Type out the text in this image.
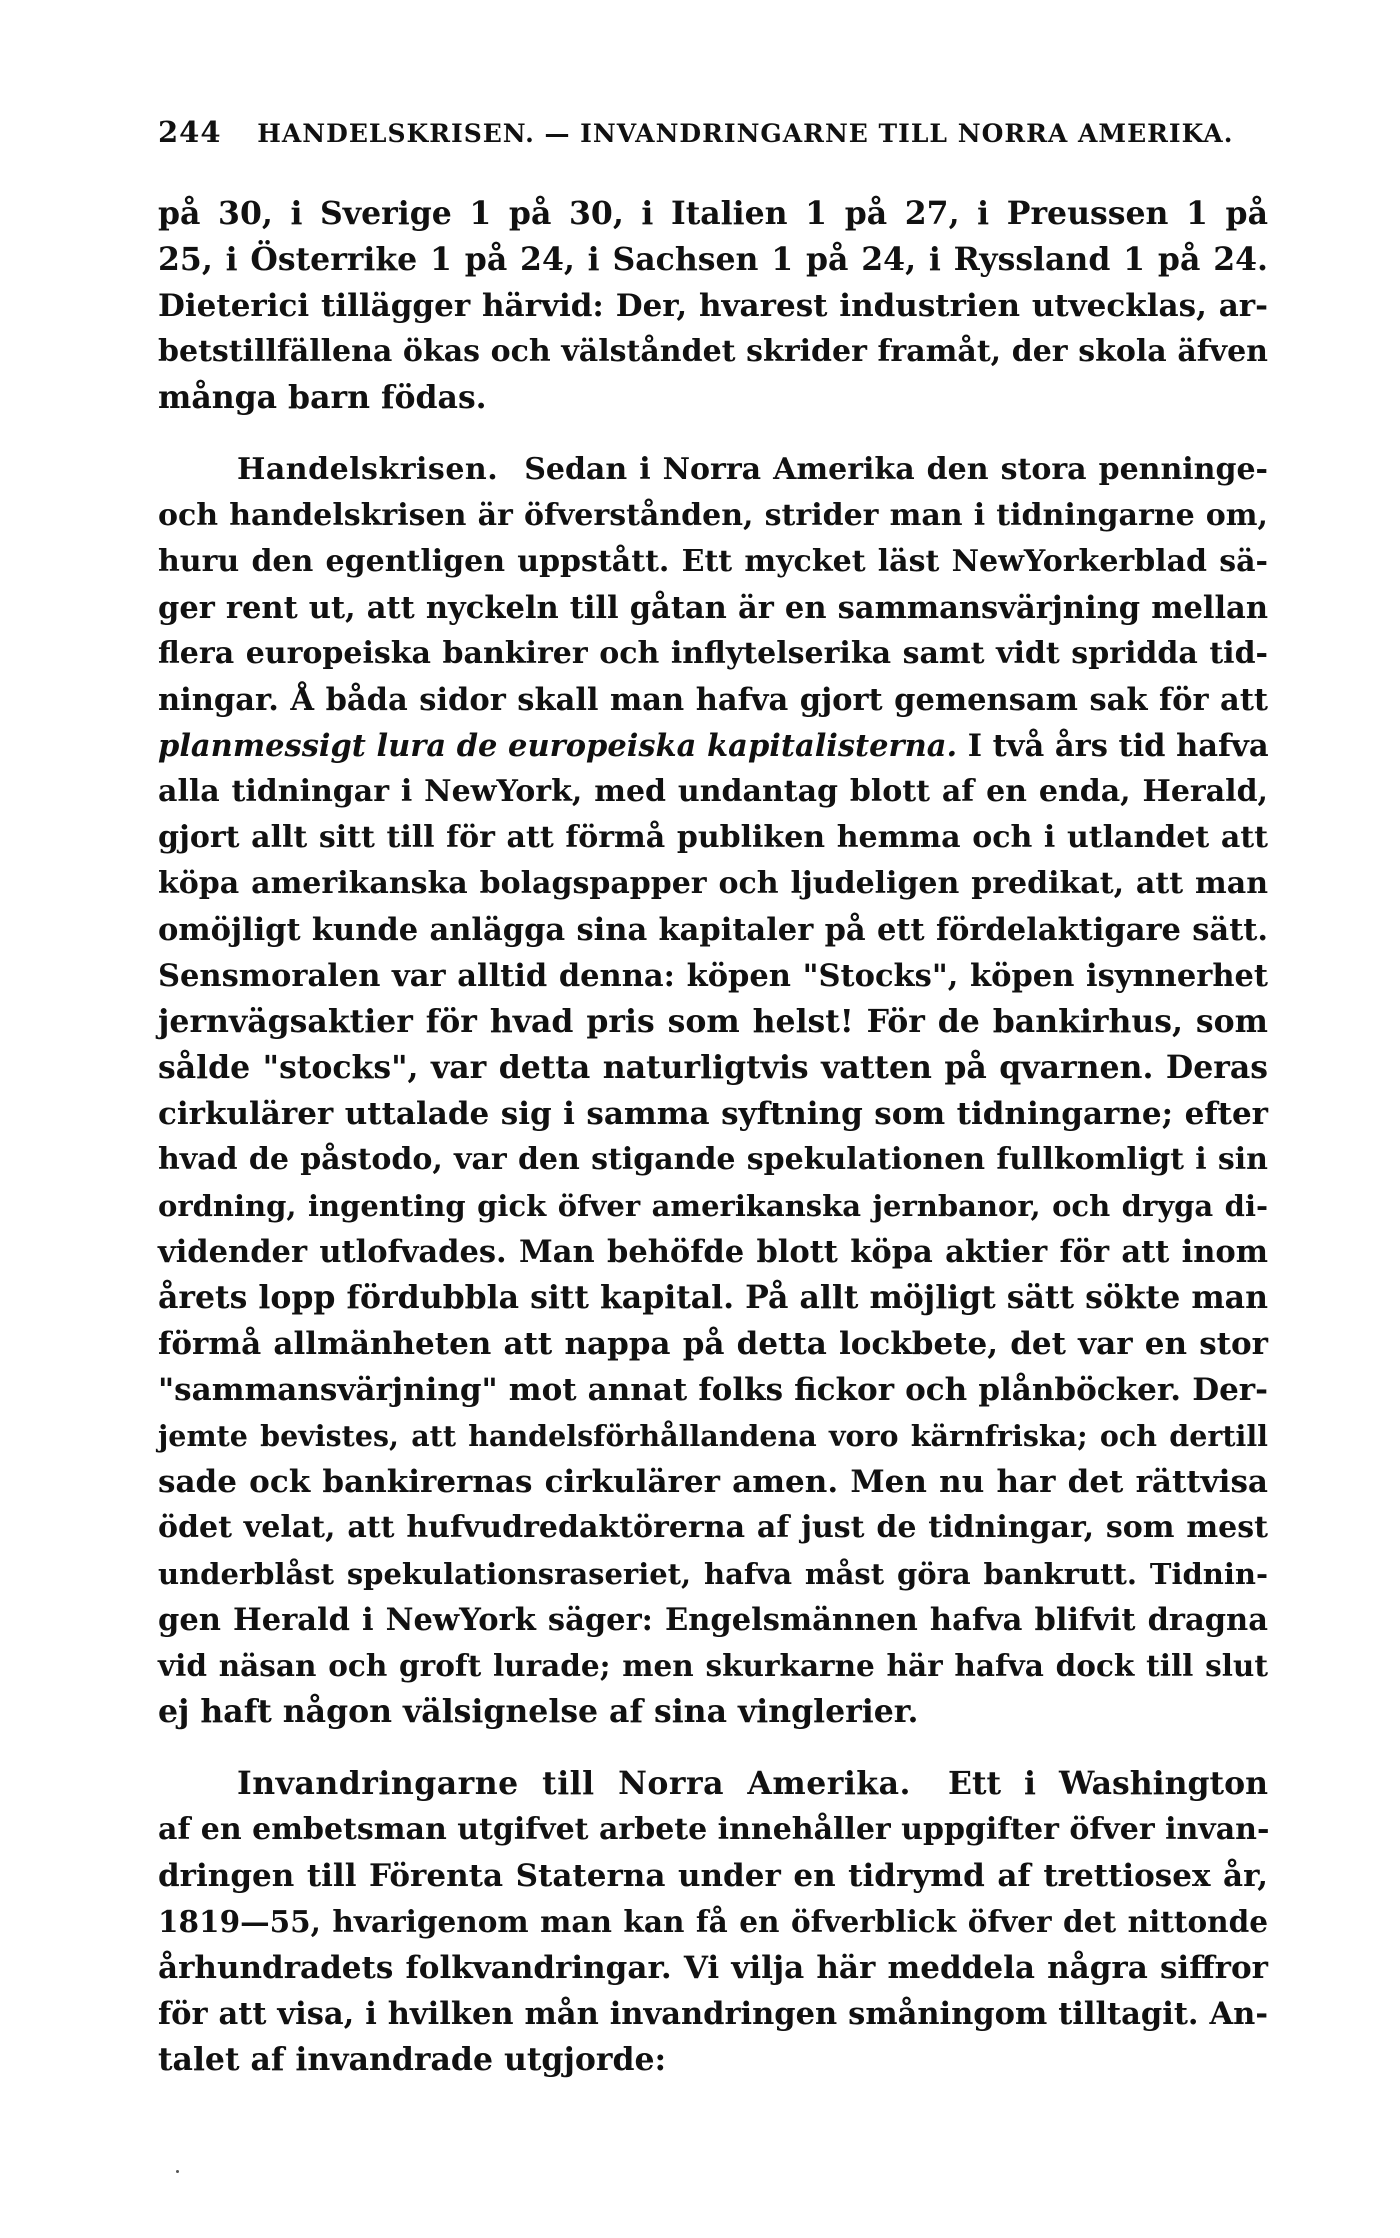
244 HANDELSKRISEN. — INVANDRINGARNE TILL NORRA AMERIKA.
på 30, i Sverige 1 på 30, i Italien 1 på 27, i Preussen 1 på
25, i Österrike 1 på 24, i Sachsen 1 på 24, i Ryssland 1 på 24.
Dieterici tillägger härvid: Der, hvarest industrien utvecklas, ar-
betstillfällena ökas och välståndet skrider framåt, der skola äfven
många barn födas.
Handelskrisen. Sedan i Norra Amerika den stora penninge-
och handelskrisen är öfverstånden, strider man i tidningarne om,
huru den egentligen uppstått. Ett mycket läst NewYorkerblad sä-
ger rent ut, att nyckeln till gåtan är en sammansvärjning mellan
flera europeiska bankirer och inflytelserika samt vidt spridda tid-
ningar. Å båda sidor skall man hafva gjort gemensam sak för att
planmessigt lura de europeiska kapitalisterna. I två års tid hafva
alla tidningar i NewYork, med undantag blott af en enda, Herald,
gjort allt sitt till för att förmå publiken hemma och i utlandet att
köpa amerikanska bolagspapper och ljudeligen predikat, att man
omöjligt kunde anlägga sina kapitaler på ett fördelaktigare sätt.
Sensmoralen var alltid denna: köpen "Stocks", köpen isynnerhet
jernvägsaktier för hvad pris som helst! För de bankirhus, som
sålde "stocks", var detta naturligtvis vatten på qvarnen. Deras
cirkulärer uttalade sig i samma syftning som tidningarne; efter
hvad de påstodo, var den stigande spekulationen fullkomligt i sin
ordning, ingenting gick öfver amerikanska jernbanor, och dryga di-
vidender utlofvades. Man behöfde blott köpa aktier för att inom
årets lopp fördubbla sitt kapital. På allt möjligt sätt sökte man
förmå allmänheten att nappa på detta lockbete, det var en stor
"sammansvärjning" mot annat folks fickor och plånböcker. Der-
jemte bevistes, att handelsförhållandena voro kärnfriska; och dertill
sade ock bankirernas cirkulärer amen. Men nu har det rättvisa
ödet velat, att hufvudredaktörerna af just de tidningar, som mest
underblåst spekulationsraseriet, hafva måst göra bankrutt. Tidnin-
gen Herald i NewYork säger: Engelsmännen hafva blifvit dragna
vid näsan och groft lurade; men skurkarne här hafva dock till slut
ej haft någon välsignelse af sina vinglerier.
Invandringarne till Norra Amerika. Ett i Washington
af en embetsman utgifvet arbete innehåller uppgifter öfver invan-
dringen till Förenta Staterna under en tidrymd af trettiosex år,
1819—55, hvarigenom man kan få en öfverblick öfver det nittonde
århundradets folkvandringar. Vi vilja här meddela några siffror
för att visa, i hvilken mån invandringen småningom tilltagit. An-
talet af invandrade utgjorde:
